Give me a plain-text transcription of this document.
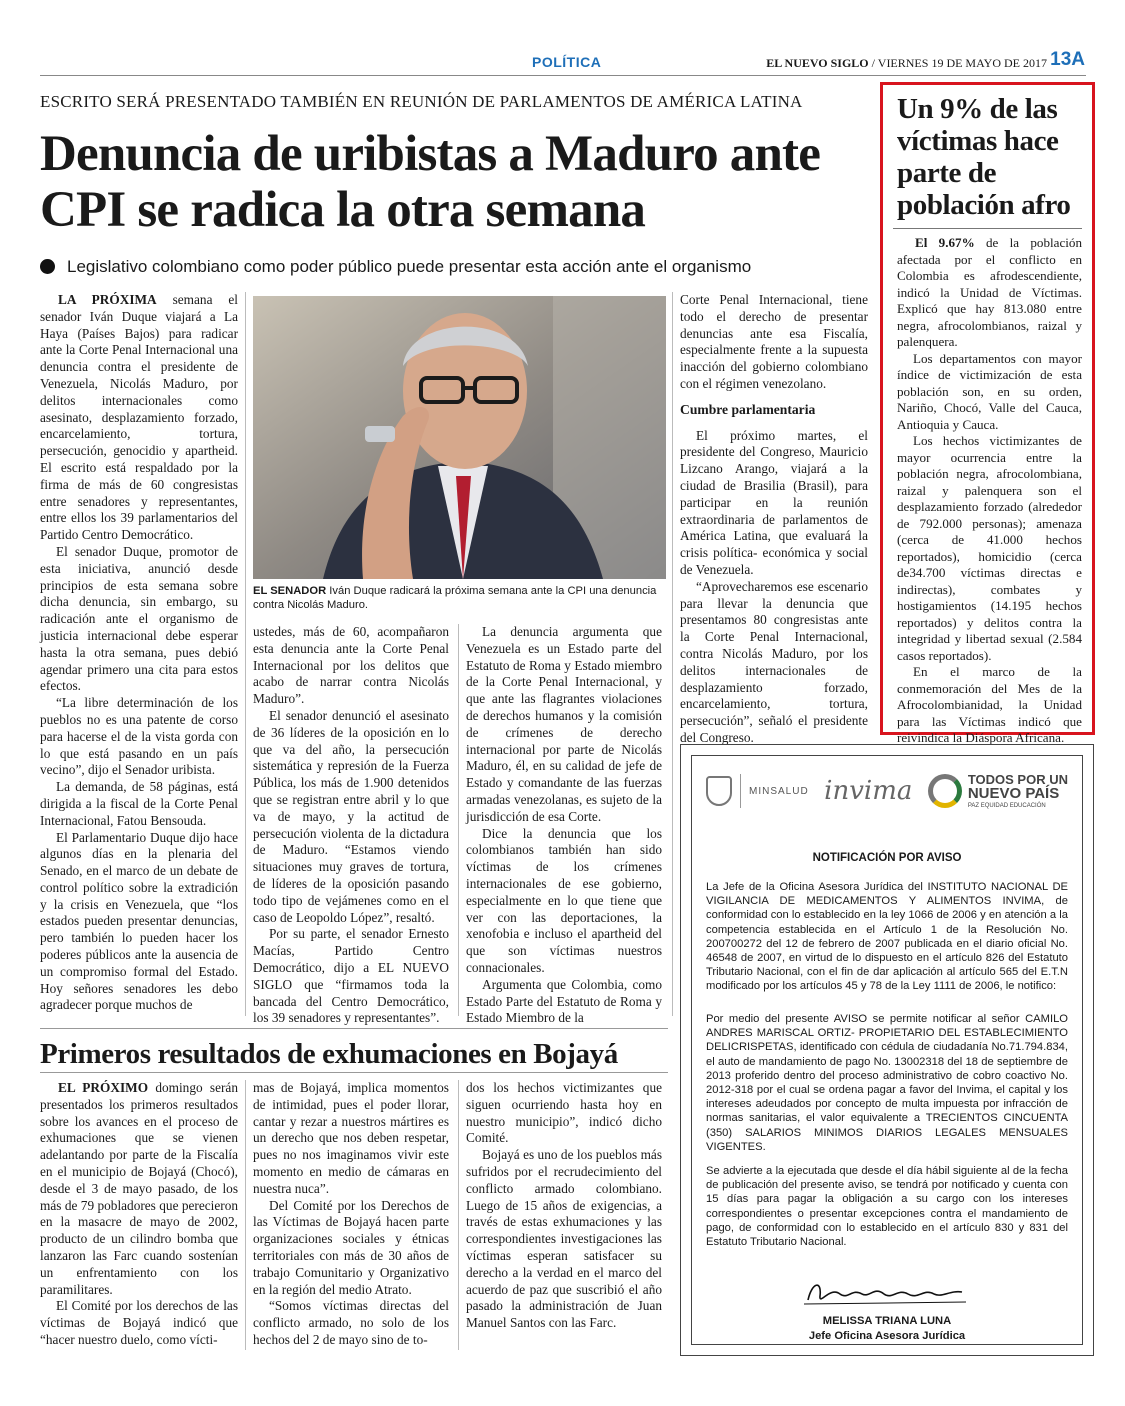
POLÍTICA	EL NUEVO SIGLO / VIERNES 19 DE MAYO DE 2017 13A
ESCRITO SERÁ PRESENTADO TAMBIÉN EN REUNIÓN DE PARLAMENTOS DE AMÉRICA LATINA
Denuncia de uribistas a Maduro ante CPI se radica la otra semana
Legislativo colombiano como poder público puede presentar esta acción ante el organismo

LA PRÓXIMA semana el senador Iván Duque viajará a La Haya (Países Bajos) para radicar ante la Corte Penal Internacional una denuncia contra el presidente de Venezuela, Nicolás Maduro, por delitos internacionales como asesinato, desplazamiento forzado, encarcelamiento, tortura, persecución, genocidio y apartheid. El escrito está respaldado por la firma de más de 60 congresistas entre senadores y representantes, entre ellos los 39 parlamentarios del Partido Centro Democrático.

El senador Duque, promotor de esta iniciativa, anunció desde principios de esta semana sobre dicha denuncia, sin embargo, su radicación ante el organismo de justicia internacional debe esperar hasta la otra semana, pues debió agendar primero una cita para estos efectos.

“La libre determinación de los pueblos no es una patente de corso para hacerse el de la vista gorda con lo que está pasando en un país vecino”, dijo el Senador uribista.

La demanda, de 58 páginas, está dirigida a la fiscal de la Corte Penal Internacional, Fatou Bensouda.

El Parlamentario Duque dijo hace algunos días en la plenaria del Senado, en el marco de un debate de control político sobre la extradición y la crisis en Venezuela, que “los estados pueden presentar denuncias, pero también lo pueden hacer los poderes públicos ante la ausencia de un compromiso formal del Estado. Hoy señores senadores les debo agradecer porque muchos de

EL SENADOR Iván Duque radicará la próxima semana ante la CPI una denuncia contra Nicolás Maduro.

ustedes, más de 60, acompañaron esta denuncia ante la Corte Penal Internacional por los delitos que acabo de narrar contra Nicolás Maduro”.

El senador denunció el asesinato de 36 líderes de la oposición en lo que va del año, la persecución sistemática y represión de la Fuerza Pública, los más de 1.900 detenidos que se registran entre abril y lo que va de mayo, y la actitud de persecución violenta de la dictadura de Maduro. “Estamos viendo situaciones muy graves de tortura, de líderes de la oposición pasando todo tipo de vejámenes como en el caso de Leopoldo López”, resaltó.

Por su parte, el senador Ernesto Macías, Partido Centro Democrático, dijo a EL NUEVO SIGLO que “firmamos toda la bancada del Centro Democrático, los 39 senadores y representantes”.

La denuncia argumenta que Venezuela es un Estado parte del Estatuto de Roma y Estado miembro de la Corte Penal Internacional, y que ante las flagrantes violaciones de derechos humanos y la comisión de crímenes de derecho internacional por parte de Nicolás Maduro, él, en su calidad de jefe de Estado y comandante de las fuerzas armadas venezolanas, es sujeto de la jurisdicción de esa Corte.

Dice la denuncia que los colombianos también han sido víctimas de los crímenes internacionales de ese gobierno, especialmente en lo que tiene que ver con las deportaciones, la xenofobia e incluso el apartheid del que son víctimas nuestros connacionales.

Argumenta que Colombia, como Estado Parte del Estatuto de Roma y Estado Miembro de la

Corte Penal Internacional, tiene todo el derecho de presentar denuncias ante esa Fiscalía, especialmente frente a la supuesta inacción del gobierno colombiano con el régimen venezolano.

Cumbre parlamentaria

El próximo martes, el presidente del Congreso, Mauricio Lizcano Arango, viajará a la ciudad de Brasilia (Brasil), para participar en la reunión extraordinaria de parlamentos de América Latina, que evaluará la crisis política- económica y social de Venezuela.

“Aprovecharemos ese escenario para llevar la denuncia que presentamos 80 congresistas ante la Corte Penal Internacional, contra Nicolás Maduro, por los delitos internacionales de desplazamiento forzado, encarcelamiento, tortura, persecución”, señaló el presidente del Congreso.

Un 9% de las víctimas hace parte de población afro

El 9.67% de la población afectada por el conflicto en Colombia es afrodescendiente, indicó la Unidad de Víctimas. Explicó que hay 813.080 entre negra, afrocolombianos, raizal y palenquera.

Los departamentos con mayor índice de victimización de esta población son, en su orden, Nariño, Chocó, Valle del Cauca, Antioquia y Cauca.

Los hechos victimizantes de mayor ocurrencia entre la población negra, afrocolombiana, raizal y palenquera son el desplazamiento forzado (alrededor de 792.000 personas); amenaza (cerca de 41.000 hechos reportados), homicidio (cerca de34.700 víctimas directas e indirectas), combates y hostigamientos (14.195 hechos reportados) y delitos contra la integridad y libertad sexual (2.584 casos reportados).

En el marco de la conmemoración del Mes de la Afrocolombianidad, la Unidad para las Víctimas indicó que reivindica la Diáspora Africana.

Primeros resultados de exhumaciones en Bojayá

EL PRÓXIMO domingo serán presentados los primeros resultados sobre los avances en el proceso de exhumaciones que se vienen adelantando por parte de la Fiscalía en el municipio de Bojayá (Chocó), desde el 3 de mayo pasado, de los más de 79 pobladores que perecieron en la masacre de mayo de 2002, producto de un cilindro bomba que lanzaron las Farc cuando sostenían un enfrentamiento con los paramilitares.

El Comité por los derechos de las víctimas de Bojayá indicó que “hacer nuestro duelo, como vícti-

mas de Bojayá, implica momentos de intimidad, pues el poder llorar, cantar y rezar a nuestros mártires es un derecho que nos deben respetar, pues no nos imaginamos vivir este momento en medio de cámaras en nuestra nuca”.

Del Comité por los Derechos de las Víctimas de Bojayá hacen parte organizaciones sociales y étnicas territoriales con más de 30 años de trabajo Comunitario y Organizativo en la región del medio Atrato.

“Somos víctimas directas del conflicto armado, no solo de los hechos del 2 de mayo sino de to-

dos los hechos victimizantes que siguen ocurriendo hasta hoy en nuestro municipio”, indicó dicho Comité.

Bojayá es uno de los pueblos más sufridos por el recrudecimiento del conflicto armado colombiano. Luego de 15 años de exigencias, a través de estas exhumaciones y las correspondientes investigaciones las víctimas esperan satisfacer su derecho a la verdad en el marco del acuerdo de paz que suscribió el año pasado la administración de Juan Manuel Santos con las Farc.

MINSALUD invima	TODOS POR UN
NUEVO PAÍS
PAZ EQUIDAD EDUCACIÓN
NOTIFICACIÓN POR AVISO
La Jefe de la Oficina Asesora Jurídica del INSTITUTO NACIONAL DE VIGILANCIA DE MEDICAMENTOS Y ALIMENTOS INVIMA, de conformidad con lo establecido en la ley 1066 de 2006 y en atención a la competencia establecida en el Artículo 1 de la Resolución No. 200700272 del 12 de febrero de 2007 publicada en el diario oficial No. 46548 de 2007, en virtud de lo dispuesto en el artículo 826 del Estatuto Tributario Nacional, con el fin de dar aplicación al artículo 565 del E.T.N modificado por los artículos 45 y 78 de la Ley 1111 de 2006, le notifico:
Por medio del presente AVISO se permite notificar al señor CAMILO ANDRES MARISCAL ORTIZ- PROPIETARIO DEL ESTABLECIMIENTO DELICRISPETAS, identificado con cédula de ciudadanía No.71.794.834, el auto de mandamiento de pago No. 13002318 del 18 de septiembre de 2013 proferido dentro del proceso administrativo de cobro coactivo No. 2012-318 por el cual se ordena pagar a favor del Invima, el capital y los intereses adeudados por concepto de multa impuesta por infracción de normas sanitarias, el valor equivalente a TRECIENTOS CINCUENTA (350) SALARIOS MINIMOS DIARIOS LEGALES MENSUALES VIGENTES.
Se advierte a la ejecutada que desde el día hábil siguiente al de la fecha de publicación del presente aviso, se tendrá por notificado y cuenta con 15 días para pagar la obligación a su cargo con los intereses correspondientes o presentar excepciones contra el mandamiento de pago, de conformidad con lo establecido en el artículo 830 y 831 del Estatuto Tributario Nacional.
MELISSA TRIANA LUNA
Jefe Oficina Asesora Jurídica
